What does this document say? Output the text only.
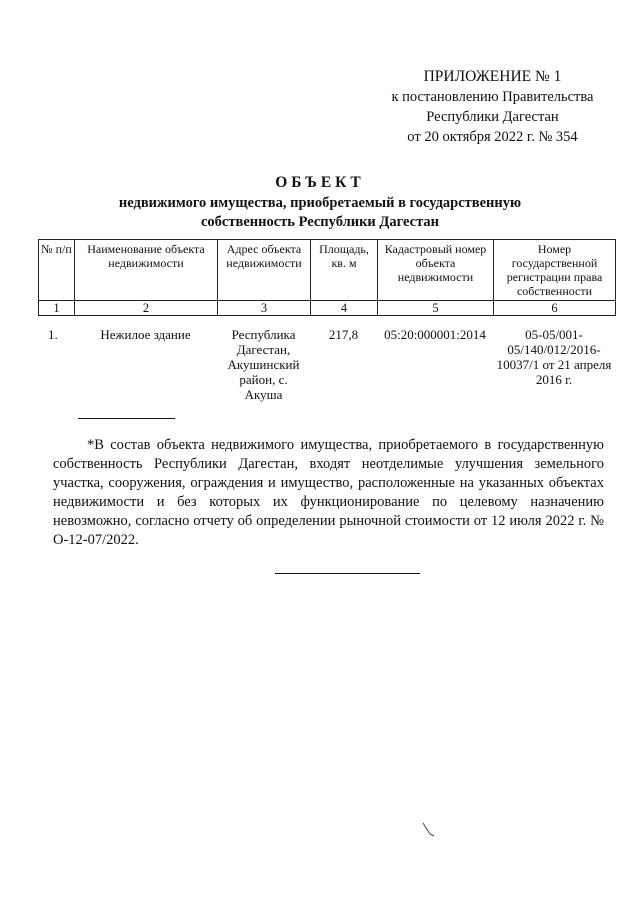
ПРИЛОЖЕНИЕ № 1
к постановлению Правительства
Республики Дагестан
от 20 октября 2022 г. № 354
ОБЪЕКТ
недвижимого имущества, приобретаемый в государственную
собственность Республики Дагестан
№ п/п	Наименование объекта недвижимости	Адрес объекта недвижимости	Площадь, кв. м	Кадастровый номер объекта недвижимости	Номер государственной регистрации права собственности
1	2	3	4	5	6
1.	Нежилое здание	Республика Дагестан, Акушинский район, с. Акуша	217,8	05:20:000001:2014	05-05/001-05/140/012/2016-10037/1 от 21 апреля 2016 г.
*В состав объекта недвижимого имущества, приобретаемого в государственную собственность Республики Дагестан, входят неотделимые улучшения земельного участка, сооружения, ограждения и имущество, расположенные на указанных объектах недвижимости и без которых их функционирование по целевому назначению невозможно, согласно отчету об определении рыночной стоимости от 12 июля 2022 г. № О-12-07/2022.
